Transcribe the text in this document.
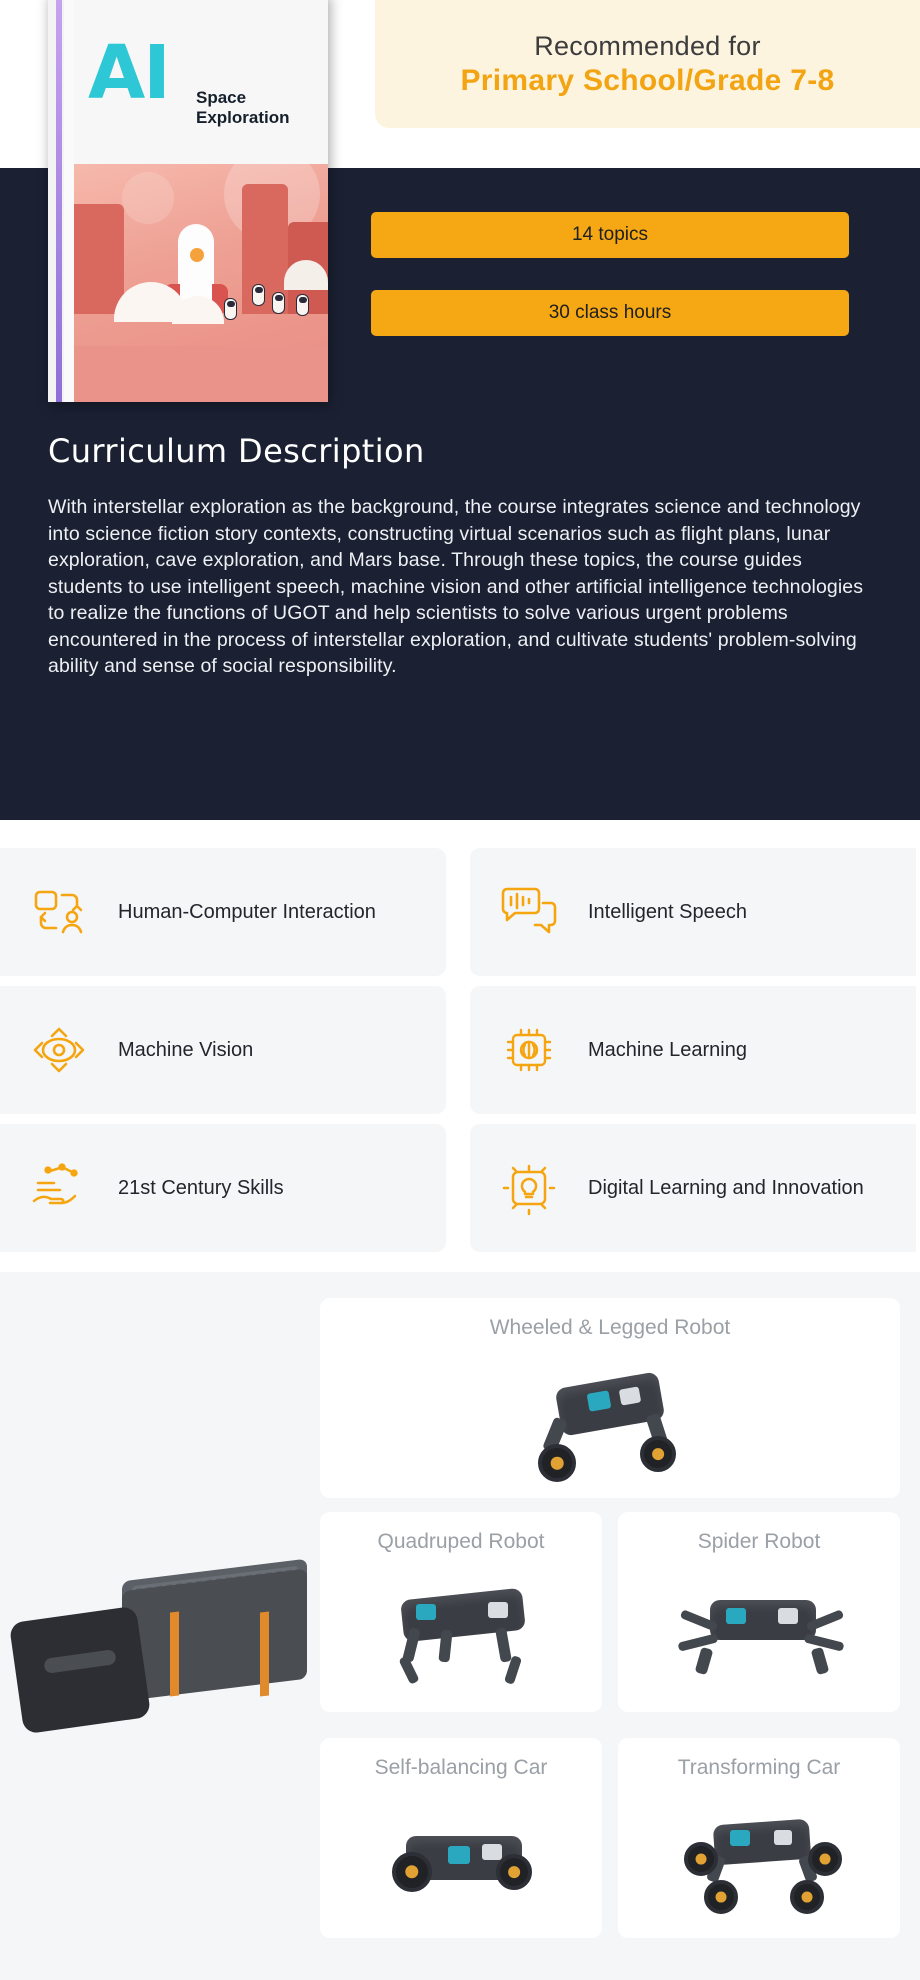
Recommended for
Primary School/Grade 7-8
AI Space Exploration
14 topics
30 class hours
Curriculum Description
With interstellar exploration as the background, the course integrates science and technology into science fiction story contexts, constructing virtual scenarios such as flight plans, lunar exploration, cave exploration, and Mars base. Through these topics, the course guides students to use intelligent speech, machine vision and other artificial intelligence technologies to realize the functions of UGOT and help scientists to solve various urgent problems encountered in the process of interstellar exploration, and cultivate students' problem-solving ability and sense of social responsibility.
Human-Computer Interaction	Intelligent Speech
Machine Vision	Machine Learning
21st Century Skills	Digital Learning and Innovation
Wheeled & Legged Robot
Quadruped Robot	Spider Robot
Self-balancing Car	Transforming Car
